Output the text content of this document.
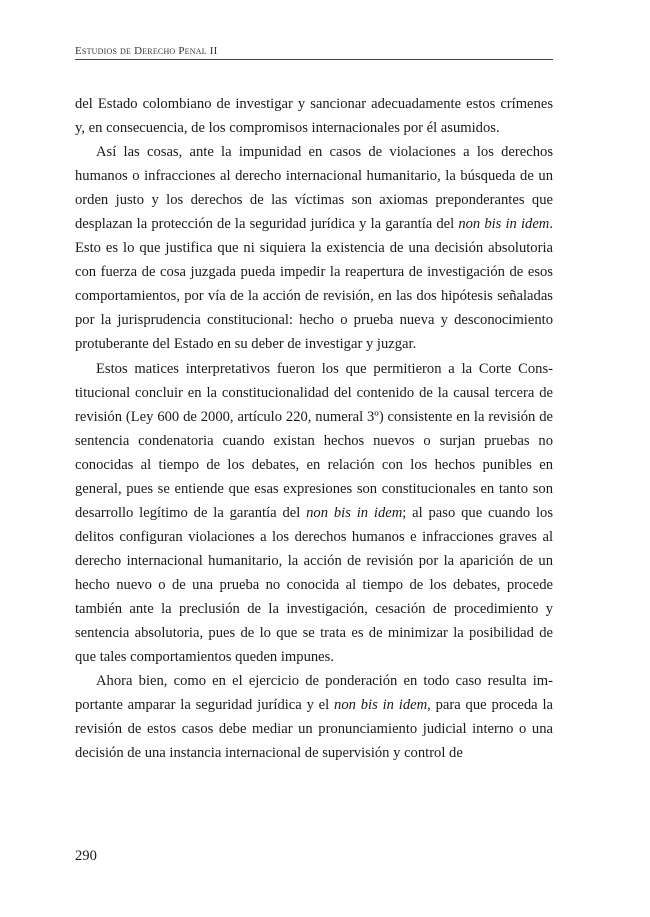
Estudios de Derecho Penal II

del Estado colombiano de investigar y sancionar adecuadamente estos crímenes y, en consecuencia, de los compromisos internacionales por él asumidos.

Así las cosas, ante la impunidad en casos de violaciones a los derechos humanos o infracciones al derecho internacional humanitario, la búsqueda de un orden justo y los derechos de las víctimas son axiomas preponderantes que desplazan la protección de la seguridad jurídica y la garantía del non bis in idem. Esto es lo que justifica que ni siquiera la existencia de una decisión absolutoria con fuerza de cosa juzgada pueda impedir la reapertura de investigación de esos comportamientos, por vía de la acción de revisión, en las dos hipótesis señaladas por la jurisprudencia constitucional: hecho o prueba nueva y desconocimiento protuberante del Estado en su deber de investigar y juzgar.

Estos matices interpretativos fueron los que permitieron a la Corte Constitucional concluir en la constitucionalidad del contenido de la causal tercera de revisión (Ley 600 de 2000, artículo 220, numeral 3º) consistente en la revisión de sentencia condenatoria cuando existan hechos nuevos o surjan pruebas no conocidas al tiempo de los debates, en relación con los hechos punibles en general, pues se entiende que esas expresiones son constitucionales en tanto son desarrollo legítimo de la garantía del non bis in idem; al paso que cuando los delitos configuran violaciones a los derechos humanos e infracciones graves al derecho internacional humanitario, la acción de revisión por la aparición de un hecho nuevo o de una prueba no conocida al tiempo de los debates, procede también ante la preclusión de la investigación, cesación de procedimiento y sentencia absolutoria, pues de lo que se trata es de minimizar la posibilidad de que tales comportamientos queden impunes.

Ahora bien, como en el ejercicio de ponderación en todo caso resulta importante amparar la seguridad jurídica y el non bis in idem, para que proceda la revisión de estos casos debe mediar un pronunciamiento judicial interno o una decisión de una instancia internacional de supervisión y control de

290
